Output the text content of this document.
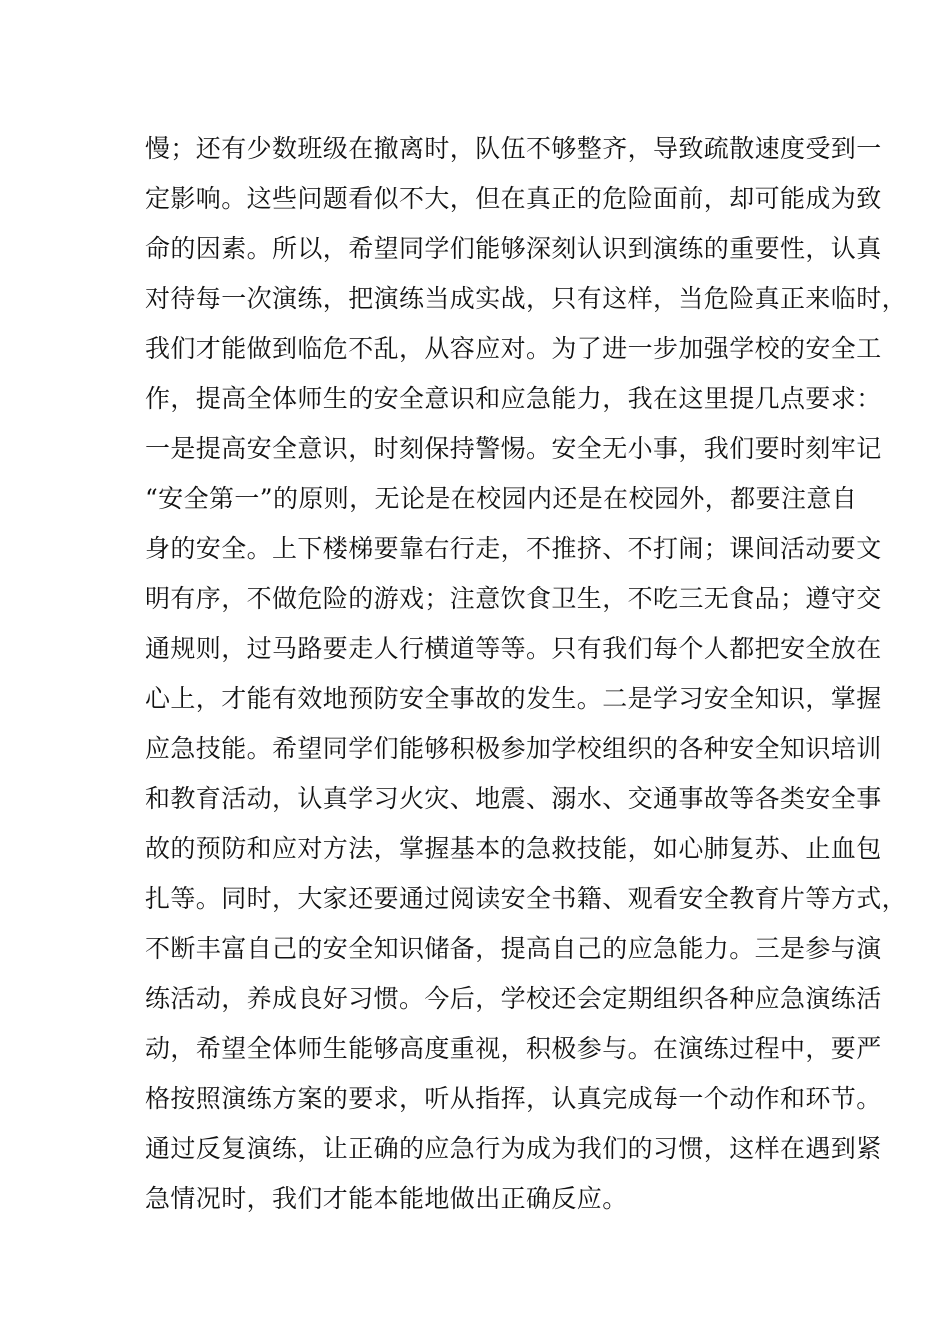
慢；还有少数班级在撤离时，队伍不够整齐，导致疏散速度受到一
定影响。这些问题看似不大，但在真正的危险面前，却可能成为致
命的因素。所以，希望同学们能够深刻认识到演练的重要性，认真
对待每一次演练，把演练当成实战，只有这样，当危险真正来临时，
我们才能做到临危不乱，从容应对。为了进一步加强学校的安全工
作，提高全体师生的安全意识和应急能力，我在这里提几点要求：
一是提高安全意识，时刻保持警惕。安全无小事，我们要时刻牢记
“安全第一”的原则，无论是在校园内还是在校园外，都要注意自
身的安全。上下楼梯要靠右行走，不推挤、不打闹；课间活动要文
明有序，不做危险的游戏；注意饮食卫生，不吃三无食品；遵守交
通规则，过马路要走人行横道等等。只有我们每个人都把安全放在
心上，才能有效地预防安全事故的发生。二是学习安全知识，掌握
应急技能。希望同学们能够积极参加学校组织的各种安全知识培训
和教育活动，认真学习火灾、地震、溺水、交通事故等各类安全事
故的预防和应对方法，掌握基本的急救技能，如心肺复苏、止血包
扎等。同时，大家还要通过阅读安全书籍、观看安全教育片等方式，
不断丰富自己的安全知识储备，提高自己的应急能力。三是参与演
练活动，养成良好习惯。今后，学校还会定期组织各种应急演练活
动，希望全体师生能够高度重视，积极参与。在演练过程中，要严
格按照演练方案的要求，听从指挥，认真完成每一个动作和环节。
通过反复演练，让正确的应急行为成为我们的习惯，这样在遇到紧
急情况时，我们才能本能地做出正确反应。
